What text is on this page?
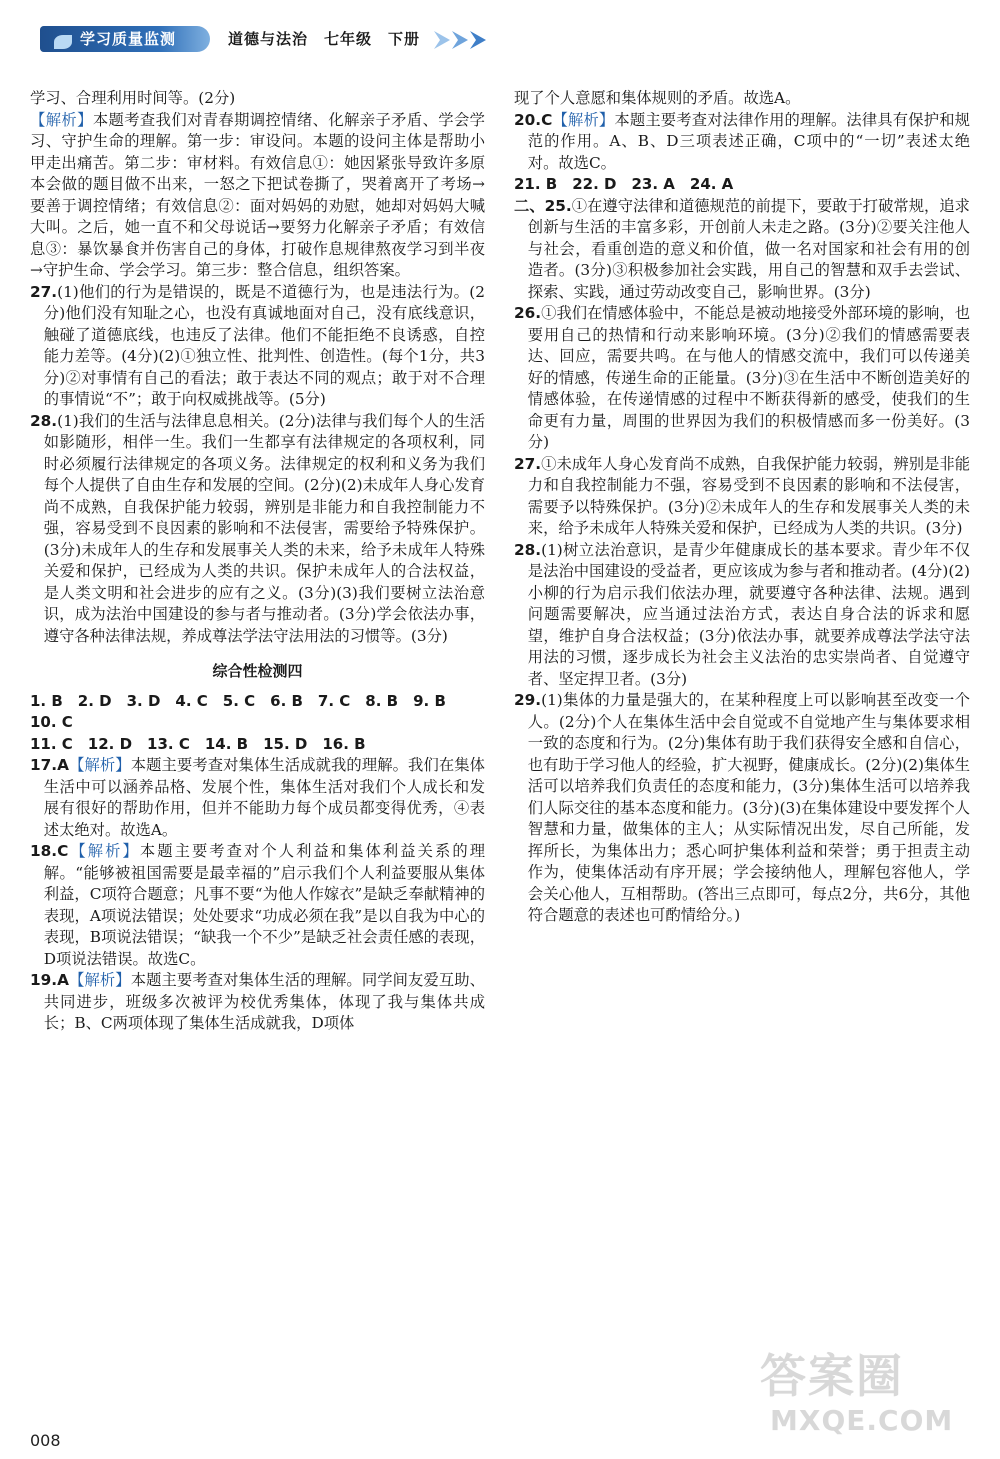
学习质量监测	道德与法治　七年级　下册

学习、合理利用时间等。(2分)

【解析】本题考查我们对青春期调控情绪、化解亲子矛盾、学会学习、守护生命的理解。第一步：审设问。本题的设问主体是帮助小甲走出痛苦。第二步：审材料。有效信息①：她因紧张导致许多原本会做的题目做不出来，一怒之下把试卷撕了，哭着离开了考场→要善于调控情绪；有效信息②：面对妈妈的劝慰，她却对妈妈大喊大叫。之后，她一直不和父母说话→要努力化解亲子矛盾；有效信息③：暴饮暴食并伤害自己的身体，打破作息规律熬夜学习到半夜→守护生命、学会学习。第三步：整合信息，组织答案。

27.(1)他们的行为是错误的，既是不道德行为，也是违法行为。(2分)他们没有知耻之心，也没有真诚地面对自己，没有底线意识，触碰了道德底线，也违反了法律。他们不能拒绝不良诱惑，自控能力差等。(4分)(2)①独立性、批判性、创造性。(每个1分，共3分)②对事情有自己的看法；敢于表达不同的观点；敢于对不合理的事情说“不”；敢于向权威挑战等。(5分)

28.(1)我们的生活与法律息息相关。(2分)法律与我们每个人的生活如影随形，相伴一生。我们一生都享有法律规定的各项权利，同时必须履行法律规定的各项义务。法律规定的权利和义务为我们每个人提供了自由生存和发展的空间。(2分)(2)未成年人身心发育尚不成熟，自我保护能力较弱，辨别是非能力和自我控制能力不强，容易受到不良因素的影响和不法侵害，需要给予特殊保护。(3分)未成年人的生存和发展事关人类的未来，给予未成年人特殊关爱和保护，已经成为人类的共识。保护未成年人的合法权益，是人类文明和社会进步的应有之义。(3分)(3)我们要树立法治意识，成为法治中国建设的参与者与推动者。(3分)学会依法办事，遵守各种法律法规，养成尊法学法守法用法的习惯等。(3分)

综合性检测四
1. B　2. D　3. D　4. C　5. C　6. B　7. C　8. B　9. B　10. C
11. C　12. D　13. C　14. B　15. D　16. B

17.A【解析】本题主要考查对集体生活成就我的理解。我们在集体生活中可以涵养品格、发展个性，集体生活对我们个人成长和发展有很好的帮助作用，但并不能助力每个成员都变得优秀，④表述太绝对。故选A。

18.C【解析】本题主要考查对个人利益和集体利益关系的理解。“能够被祖国需要是最幸福的”启示我们个人利益要服从集体利益，C项符合题意；凡事不要“为他人作嫁衣”是缺乏奉献精神的表现，A项说法错误；处处要求“功成必须在我”是以自我为中心的表现，B项说法错误；“缺我一个不少”是缺乏社会责任感的表现，D项说法错误。故选C。

19.A【解析】本题主要考查对集体生活的理解。同学间友爱互助、共同进步，班级多次被评为校优秀集体，体现了我与集体共成长；B、C两项体现了集体生活成就我，D项体

现了个人意愿和集体规则的矛盾。故选A。

20.C【解析】本题主要考查对法律作用的理解。法律具有保护和规范的作用。A、B、D三项表述正确，C项中的“一切”表述太绝对。故选C。

21. B　22. D　23. A　24. A

二、25.①在遵守法律和道德规范的前提下，要敢于打破常规，追求创新与生活的丰富多彩，开创前人未走之路。(3分)②要关注他人与社会，看重创造的意义和价值，做一名对国家和社会有用的创造者。(3分)③积极参加社会实践，用自己的智慧和双手去尝试、探索、实践，通过劳动改变自己，影响世界。(3分)

26.①我们在情感体验中，不能总是被动地接受外部环境的影响，也要用自己的热情和行动来影响环境。(3分)②我们的情感需要表达、回应，需要共鸣。在与他人的情感交流中，我们可以传递美好的情感，传递生命的正能量。(3分)③在生活中不断创造美好的情感体验，在传递情感的过程中不断获得新的感受，使我们的生命更有力量，周围的世界因为我们的积极情感而多一份美好。(3分)

27.①未成年人身心发育尚不成熟，自我保护能力较弱，辨别是非能力和自我控制能力不强，容易受到不良因素的影响和不法侵害，需要予以特殊保护。(3分)②未成年人的生存和发展事关人类的未来，给予未成年人特殊关爱和保护，已经成为人类的共识。(3分)

28.(1)树立法治意识，是青少年健康成长的基本要求。青少年不仅是法治中国建设的受益者，更应该成为参与者和推动者。(4分)(2)小柳的行为启示我们依法办理，就要遵守各种法律、法规。遇到问题需要解决，应当通过法治方式，表达自身合法的诉求和愿望，维护自身合法权益；(3分)依法办事，就要养成尊法学法守法用法的习惯，逐步成长为社会主义法治的忠实崇尚者、自觉遵守者、坚定捍卫者。(3分)

29.(1)集体的力量是强大的，在某种程度上可以影响甚至改变一个人。(2分)个人在集体生活中会自觉或不自觉地产生与集体要求相一致的态度和行为。(2分)集体有助于我们获得安全感和自信心，也有助于学习他人的经验，扩大视野，健康成长。(2分)(2)集体生活可以培养我们负责任的态度和能力，(3分)集体生活可以培养我们人际交往的基本态度和能力。(3分)(3)在集体建设中要发挥个人智慧和力量，做集体的主人；从实际情况出发，尽自己所能，发挥所长，为集体出力；悉心呵护集体利益和荣誉；勇于担责主动作为，使集体活动有序开展；学会接纳他人，理解包容他人，学会关心他人，互相帮助。(答出三点即可，每点2分，共6分，其他符合题意的表述也可酌情给分。)

008
答案圈
MXQE.COM
